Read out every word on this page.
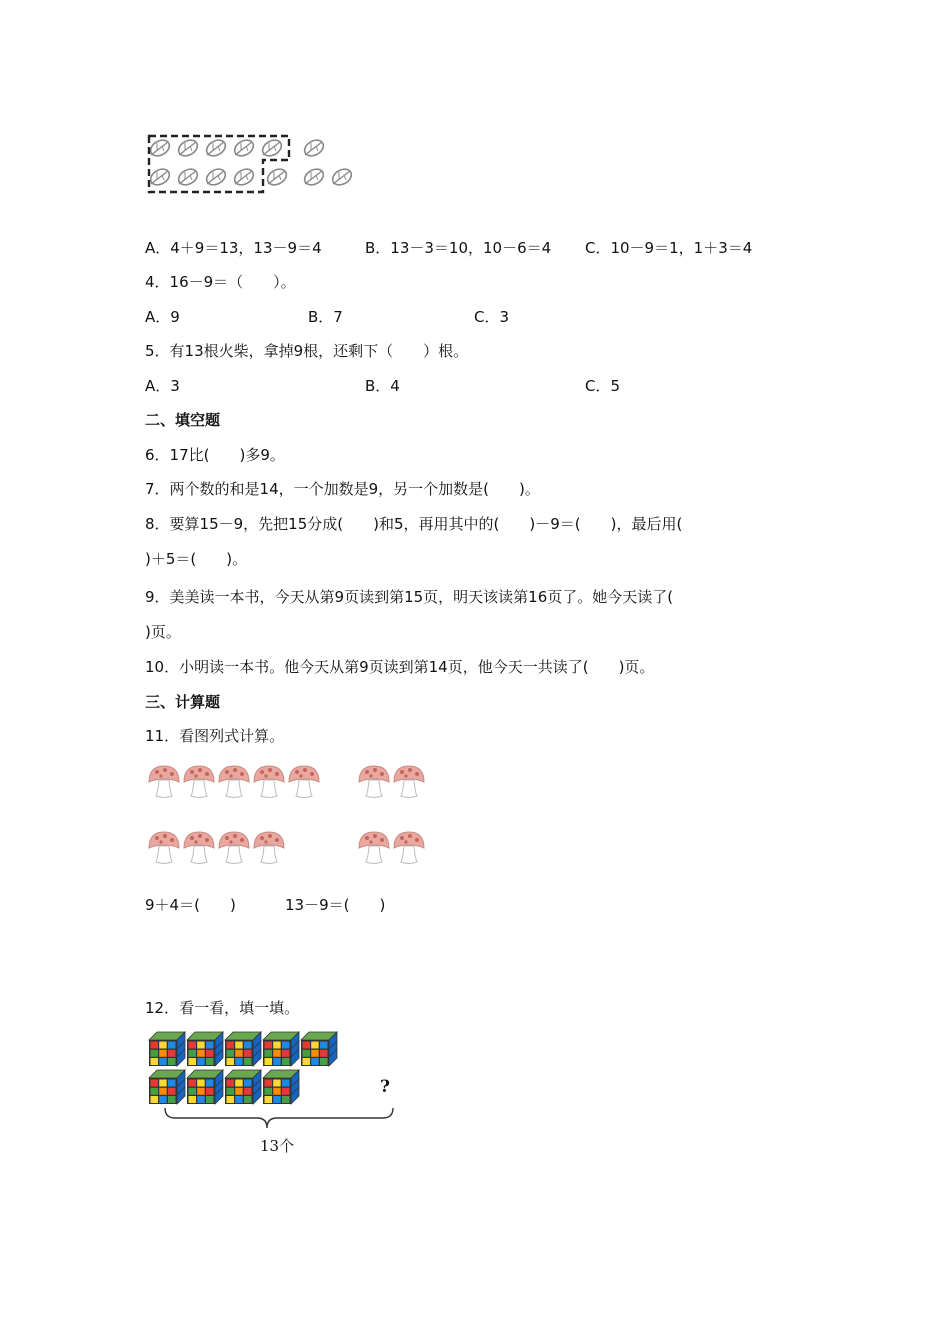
A．4＋9＝13，13－9＝4	B．13－3＝10，10－6＝4 C．10－9＝1，1＋3＝4
4．16－9＝（　　）。
A．9	B．7	C．3
5．有13根火柴，拿掉9根，还剩下（　　）根。
A．3	B．4	C．5
二、填空题
6．17比(　　)多9。
7．两个数的和是14，一个加数是9，另一个加数是(　　)。
8．要算15－9，先把15分成(　　)和5，再用其中的(　　)－9＝(　　)，最后用(
)＋5＝(　　)。
9．美美读一本书，今天从第9页读到第15页，明天该读第16页了。她今天读了(
)页。
10．小明读一本书。他今天从第9页读到第14页，他今天一共读了(　　)页。
三、计算题
11．看图列式计算。
9＋4＝(　　)	13－9＝(　　)
12．看一看，填一填。
?
13个
